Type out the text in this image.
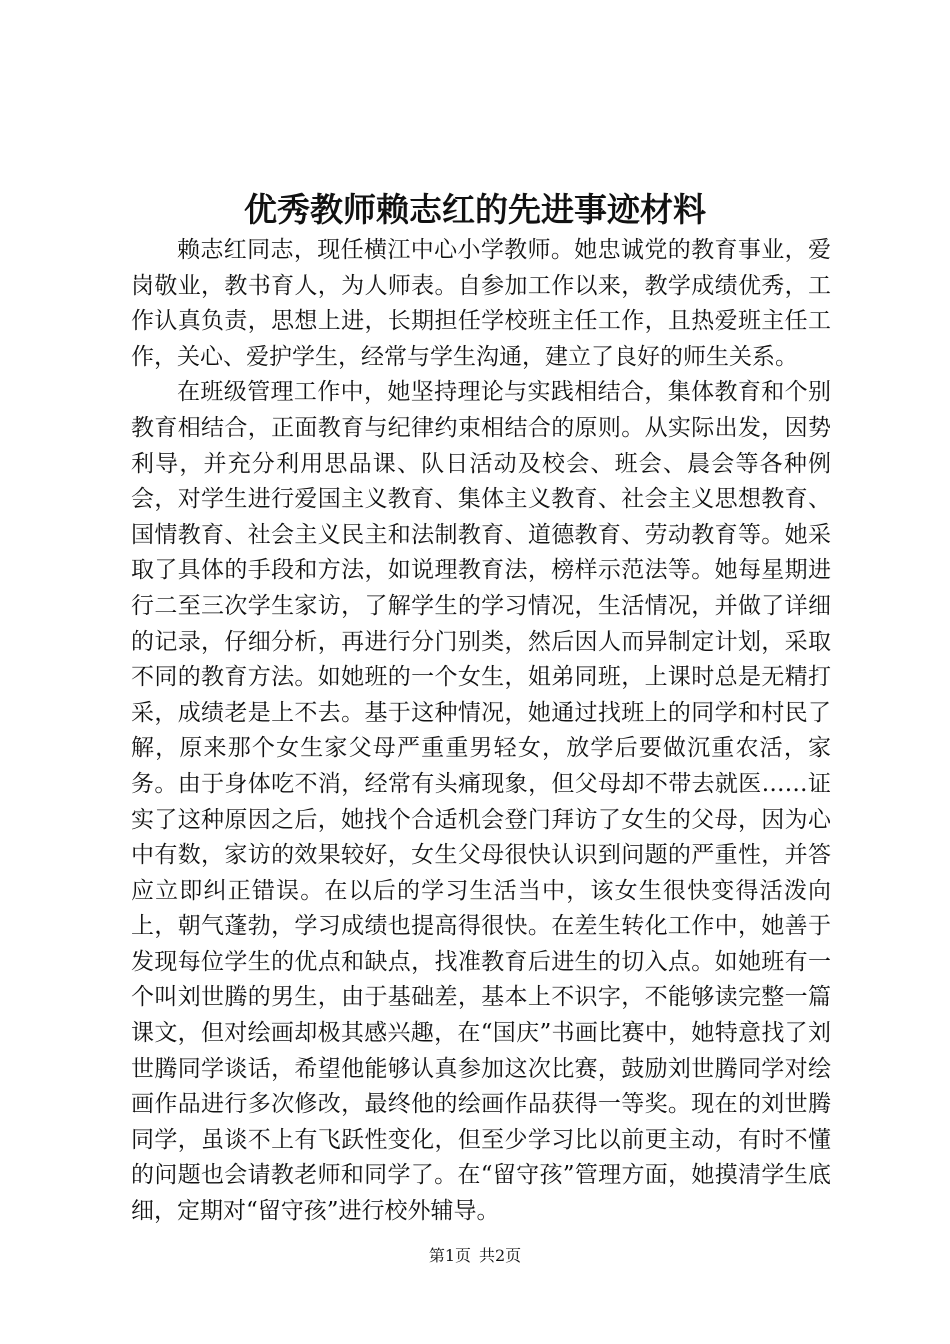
优秀教师赖志红的先进事迹材料

赖志红同志，现任横江中心小学教师。她忠诚党的教育事业，爱岗敬业，教书育人，为人师表。自参加工作以来，教学成绩优秀，工作认真负责，思想上进，长期担任学校班主任工作，且热爱班主任工作，关心、爱护学生，经常与学生沟通，建立了良好的师生关系。

在班级管理工作中，她坚持理论与实践相结合，集体教育和个别教育相结合，正面教育与纪律约束相结合的原则。从实际出发，因势利导，并充分利用思品课、队日活动及校会、班会、晨会等各种例会，对学生进行爱国主义教育、集体主义教育、社会主义思想教育、国情教育、社会主义民主和法制教育、道德教育、劳动教育等。她采取了具体的手段和方法，如说理教育法，榜样示范法等。她每星期进行二至三次学生家访，了解学生的学习情况，生活情况，并做了详细的记录，仔细分析，再进行分门别类，然后因人而异制定计划，采取不同的教育方法。如她班的一个女生，姐弟同班，上课时总是无精打采，成绩老是上不去。基于这种情况，她通过找班上的同学和村民了解，原来那个女生家父母严重重男轻女，放学后要做沉重农活，家务。由于身体吃不消，经常有头痛现象，但父母却不带去就医……证实了这种原因之后，她找个合适机会登门拜访了女生的父母，因为心中有数，家访的效果较好，女生父母很快认识到问题的严重性，并答应立即纠正错误。在以后的学习生活当中，该女生很快变得活泼向上，朝气蓬勃，学习成绩也提高得很快。在差生转化工作中，她善于发现每位学生的优点和缺点，找准教育后进生的切入点。如她班有一个叫刘世腾的男生，由于基础差，基本上不识字，不能够读完整一篇课文，但对绘画却极其感兴趣，在“国庆”书画比赛中，她特意找了刘世腾同学谈话，希望他能够认真参加这次比赛，鼓励刘世腾同学对绘画作品进行多次修改，最终他的绘画作品获得一等奖。现在的刘世腾同学，虽谈不上有飞跃性变化，但至少学习比以前更主动，有时不懂的问题也会请教老师和同学了。在“留守孩”管理方面，她摸清学生底细，定期对“留守孩”进行校外辅导。

第1页 共2页
